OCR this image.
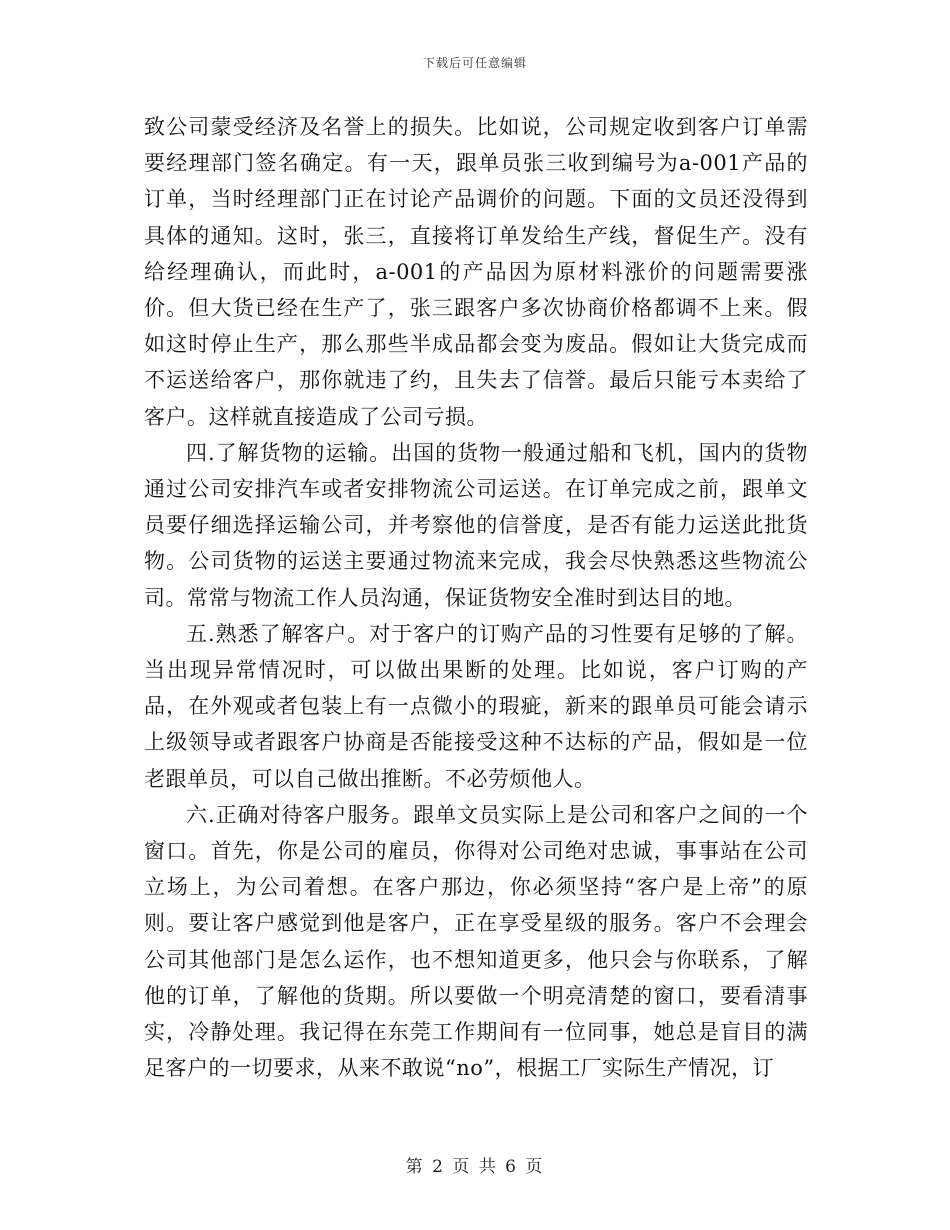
下载后可任意编辑

致公司蒙受经济及名誉上的损失。比如说，公司规定收到客户订单需要经理部门签名确定。有一天，跟单员张三收到编号为a-001产品的订单，当时经理部门正在讨论产品调价的问题。下面的文员还没得到具体的通知。这时，张三，直接将订单发给生产线，督促生产。没有给经理确认，而此时，a-001的产品因为原材料涨价的问题需要涨价。但大货已经在生产了，张三跟客户多次协商价格都调不上来。假如这时停止生产，那么那些半成品都会变为废品。假如让大货完成而不运送给客户，那你就违了约，且失去了信誉。最后只能亏本卖给了客户。这样就直接造成了公司亏损。

四.了解货物的运输。出国的货物一般通过船和飞机，国内的货物通过公司安排汽车或者安排物流公司运送。在订单完成之前，跟单文员要仔细选择运输公司，并考察他的信誉度，是否有能力运送此批货物。公司货物的运送主要通过物流来完成，我会尽快熟悉这些物流公司。常常与物流工作人员沟通，保证货物安全准时到达目的地。

五.熟悉了解客户。对于客户的订购产品的习性要有足够的了解。当出现异常情况时，可以做出果断的处理。比如说，客户订购的产品，在外观或者包装上有一点微小的瑕疵，新来的跟单员可能会请示上级领导或者跟客户协商是否能接受这种不达标的产品，假如是一位老跟单员，可以自己做出推断。不必劳烦他人。

六.正确对待客户服务。跟单文员实际上是公司和客户之间的一个窗口。首先，你是公司的雇员，你得对公司绝对忠诚，事事站在公司立场上，为公司着想。在客户那边，你必须坚持“客户是上帝”的原则。要让客户感觉到他是客户，正在享受星级的服务。客户不会理会公司其他部门是怎么运作，也不想知道更多，他只会与你联系，了解他的订单，了解他的货期。所以要做一个明亮清楚的窗口，要看清事实，冷静处理。我记得在东莞工作期间有一位同事，她总是盲目的满足客户的一切要求，从来不敢说“no”，根据工厂实际生产情况，订

第 2 页 共 6 页
